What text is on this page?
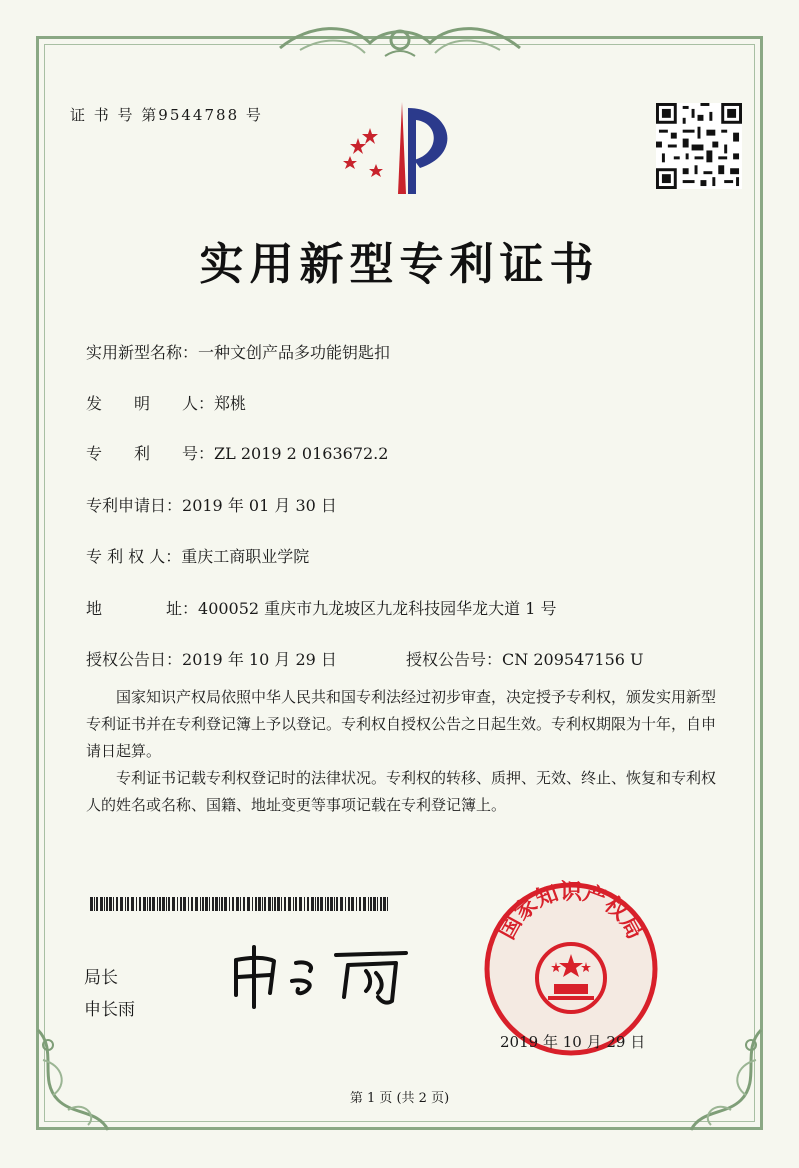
证 书 号 第9544788 号
实用新型专利证书
实用新型名称：一种文创产品多功能钥匙扣
发　　明　　人：郑桃
专　　利　　号：ZL 2019 2 0163672.2
专利申请日：2019 年 01 月 30 日
专 利 权 人：重庆工商职业学院
地　　　　址：400052 重庆市九龙坡区九龙科技园华龙大道 1 号
授权公告日：2019 年 10 月 29 日	授权公告号：CN 209547156 U

国家知识产权局依照中华人民共和国专利法经过初步审查，决定授予专利权，颁发实用新型专利证书并在专利登记簿上予以登记。专利权自授权公告之日起生效。专利权期限为十年，自申请日起算。

专利证书记载专利权登记时的法律状况。专利权的转移、质押、无效、终止、恢复和专利权人的姓名或名称、国籍、地址变更等事项记载在专利登记簿上。

局长
申长雨
国家知识产权局
2019 年 10 月 29 日
第 1 页 (共 2 页)
